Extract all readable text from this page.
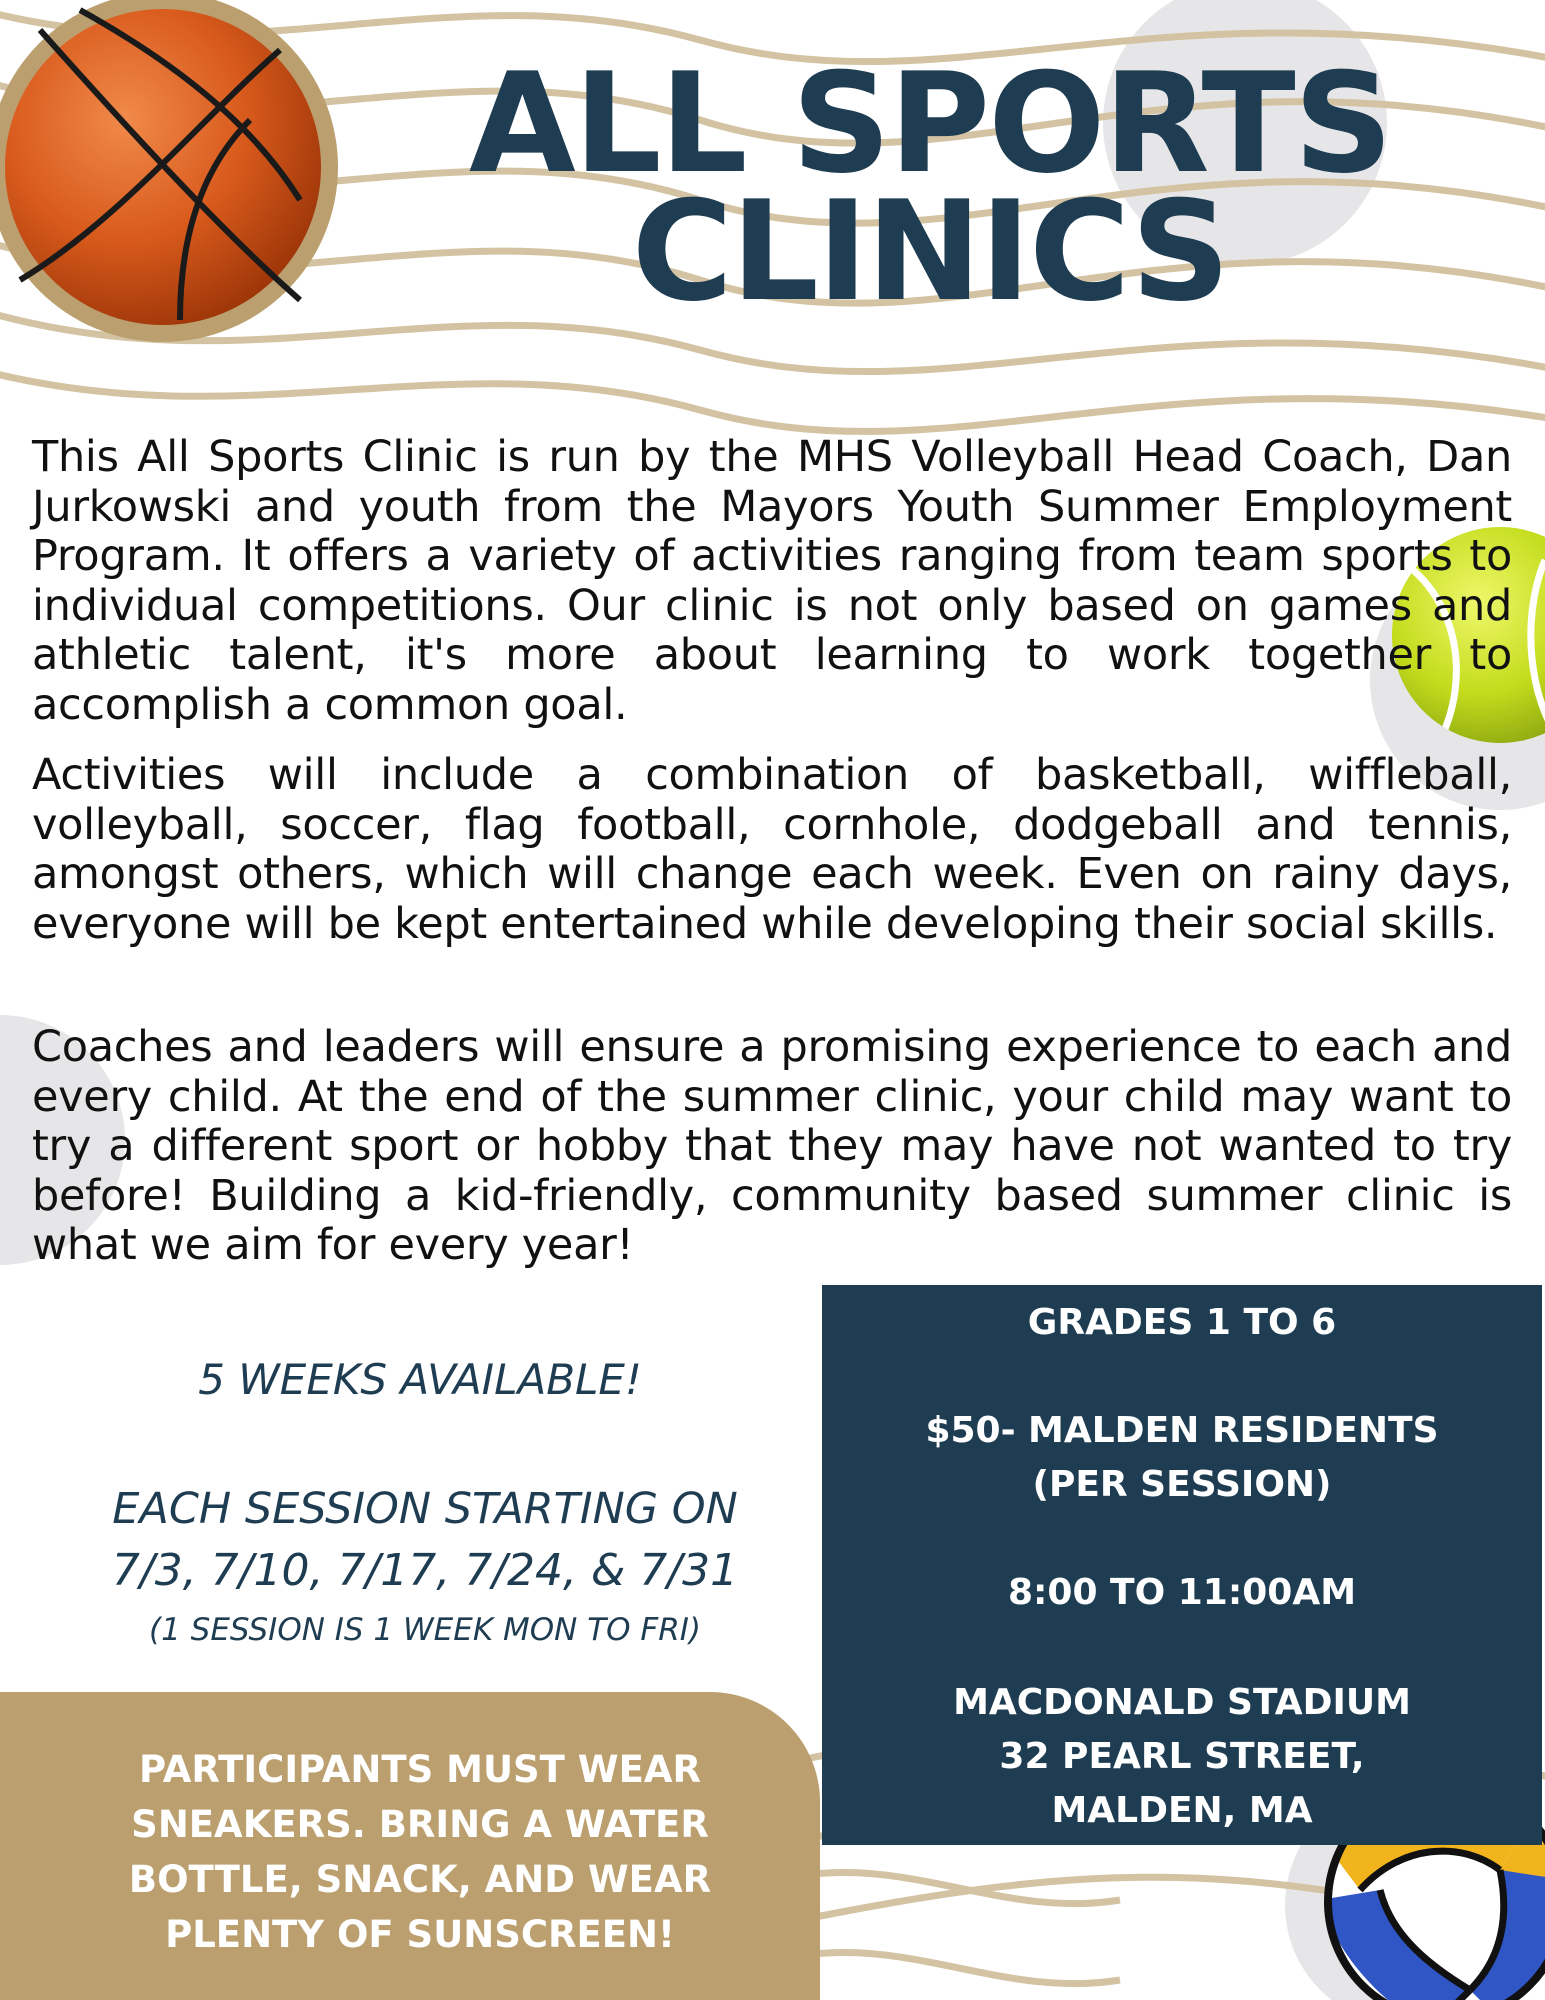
ALL SPORTS
CLINICS

This All Sports Clinic is run by the MHS Volleyball Head Coach, Dan Jurkowski and youth from the Mayors Youth Summer Employment Program. It offers a variety of activities ranging from team sports to individual competitions. Our clinic is not only based on games and athletic talent, it's more about learning to work together to accomplish a common goal.

Activities will include a combination of basketball, wiffleball, volleyball, soccer, flag football, cornhole, dodgeball and tennis, amongst others, which will change each week. Even on rainy days, everyone will be kept entertained while developing their social skills.

Coaches and leaders will ensure a promising experience to each and every child. At the end of the summer clinic, your child may want to try a different sport or hobby that they may have not wanted to try before! Building a kid-friendly, community based summer clinic is what we aim for every year!

5 WEEKS AVAILABLE!

EACH SESSION STARTING ON

7/3, 7/10, 7/17, 7/24, & 7/31

(1 SESSION IS 1 WEEK MON TO FRI)

GRADES 1 TO 6

$50- MALDEN RESIDENTS

(PER SESSION)

8:00 TO 11:00AM

MACDONALD STADIUM

32 PEARL STREET,

MALDEN, MA

PARTICIPANTS MUST WEAR
SNEAKERS. BRING A WATER
BOTTLE, SNACK, AND WEAR
PLENTY OF SUNSCREEN!
